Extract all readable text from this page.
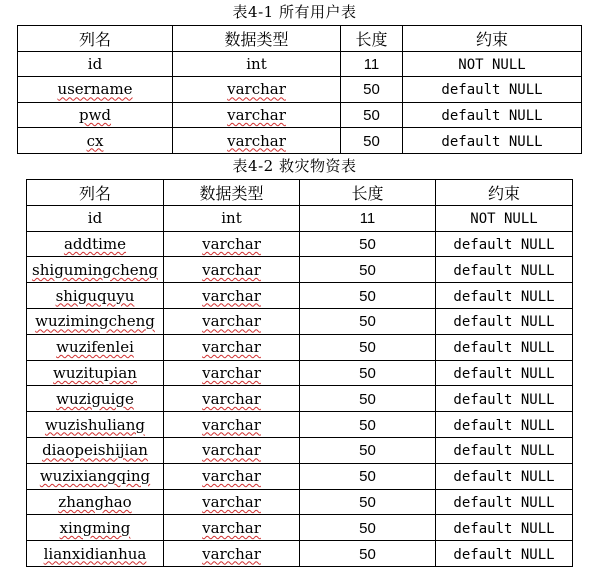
表4-1 所有用户表
列名	数据类型	长度	约束
id	int	11	NOT NULL
username	varchar	50	default NULL
pwd	varchar	50	default NULL
cx	varchar	50	default NULL
表4-2 救灾物资表
列名	数据类型	长度	约束
id	int	11	NOT NULL
addtime	varchar	50	default NULL
shigumingcheng	varchar	50	default NULL
shiguquyu	varchar	50	default NULL
wuzimingcheng	varchar	50	default NULL
wuzifenlei	varchar	50	default NULL
wuzitupian	varchar	50	default NULL
wuziguige	varchar	50	default NULL
wuzishuliang	varchar	50	default NULL
diaopeishijian	varchar	50	default NULL
wuzixiangqing	varchar	50	default NULL
zhanghao	varchar	50	default NULL
xingming	varchar	50	default NULL
lianxidianhua	varchar	50	default NULL
